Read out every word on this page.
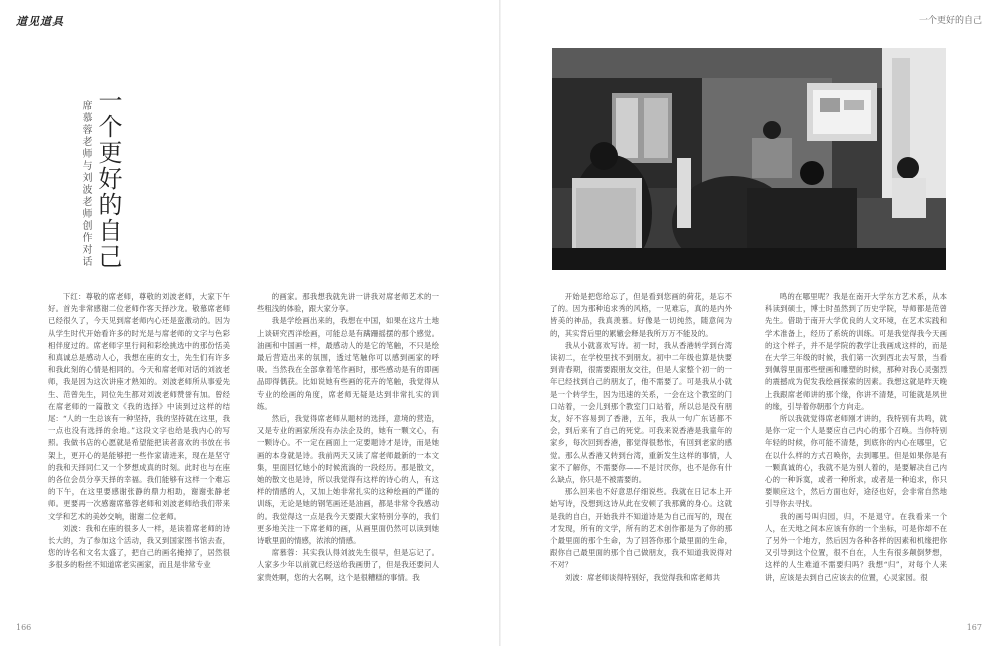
道见道具	一个更好的自己
一个更好的自己
席慕蓉老师与刘波老师创作对话

下红：尊敬的席老师，尊敬的刘波老师，大家下午好。首先非常感谢二位老师作客天择沙龙。敬慕席老师已经很久了，今天见到席老师内心还是蛮激动的。因为从学生时代开始看许多的时光是与席老师的文字与色彩相伴度过的。席老师字里行间和彩绘挑选中的那份恬美和真诚总是感动人心，我想在座的女士，先生们有许多和我此刻的心情是相同的。今天和席老师对话的刘波老师，我是因为这次讲座才熟知的。刘波老师所从事爱先生、范曾先生，同位先生都对刘波老师赞誉有加。曾经在席老师的一篇散文《我的选择》中读到过这样的结尾：“人的一生总该有一种坚持，我的坚持就在这里，我一点也没有选择的余地。”这段文字也给是我内心的写照。我做书店的心愿就是希望能把读者喜欢的书放在书架上，更开心的是能够把一些作家请进来，现在是坚守的我和天择同仁又一个梦想成真的时刻。此时也与在座的各位会员分享天择的幸福。我们能够有这样一个难忘的下午，在这里要感谢张静的鼎力相助，谢谢张静老师。更要再一次感谢席慕蓉老师和刘波老师给我们带来文学和艺术的美妙交响，谢谢二位老师。

刘波：我和在座的很多人一样，是读着席老师的诗长大的，为了参加这个活动，我又到国家图书馆去查，您的诗名和文名太盛了，把自己的画名掩掉了，居然很多很多的粉丝不知道席老实画家，而且是非常专业

的画家。那我想我就先讲一讲我对席老师艺术的一些粗浅的体验，跟大家分享。

我是学绘画出来的，我想在中国，如果在这片土地上谈研究西洋绘画，可能总是有蹒跚摇摆的那个感觉。油画和中国画一样，最感动人的是它的笔触，不只是绘最后营造出来的氛围，透过笔触你可以感到画家的呼吸。当然我在全部拿着笔作画时，那些感动是有的即画品即得偶获。比如说她有些画的花卉的笔触，我觉得从专业的绘画的角度，席老师无疑是达到非常扎实的训练。

然后，我觉得席老师从题材的选择，意境的营造，又是专业的画家所没有办法企及的，她有一颗文心，有一颗诗心。不一定在画面上一定要题诗才是诗，而是她画的本身就是诗。我前两天又读了席老师最新的一本文集，里面回忆她小的时候流淌的一段经历。那是散文，她的散文也是诗，所以我觉得有这样的诗心的人，有这样的情感的人，又加上她非常扎实的这种绘画的严谨的训练，无论是她的钢笔画还是油画，都是非常令我感动的。我觉得这一点是我今天要跟大家特别分享的，我们更多地关注一下席老师的画，从画里面仍然可以读到她诗歌里面的情感，浓浓的情感。

席慕蓉：其实我认得刘波先生很早，但是忘记了。人家多少年以前就已经送给我画册了，但是我还要问人家贵姓啊，您的大名啊，这个是很糟糕的事情。我

开始是把您给忘了，但是看到您画的荷花，是忘不了的。因为那种追求秀的风格，一见难忘，真的是内外皆美的神品，我真羡慕。好像是一切纯然，随意间为的，其实背后里的累辙会释是我所万万不能及的。

我从小就喜欢写诗。初一时，我从香港转学到台湾读初二，在学校里找不到朋友。初中二年级也算是快要到青春期，很需要跟朋友交往，但是人家整个初一的一年已经找到自己的朋友了，他不需要了。可是我从小就是一个转学生，因为迅速的关系，一会在这个教室的门口站着，一会儿到那个教室门口站着，所以总是没有朋友，好不容易到了香港，五年，我从一句广东话都不会，到后来有了自己的死党。可我来说香港是我童年的家乡，每次回到香港，都觉得很愁怅，有回到老家的感觉。那么从香港又转到台湾，重新发生这样的事情，人家不了解你，不需要你——不是讨厌你，也不是你有什么缺点，你只是不被需要的。

那么回来也不好意思仔细说些。我就在日记本上开始写诗，没想到这诗从此在安顿了我那冀的身心。这就是我的自白，开始我并不知道诗是为自己而写的，现在才发现，所有的文学，所有的艺术创作都是为了你的那个最里面的那个生命，为了回答你那个最里面的生命，跟你自己最里面的那个自己做朋友，我不知道我说得对不对？

刘波：席老师谈得特别好，我觉得我和席老师共

鸣的在哪里呢？我是在南开大学东方艺术系，从本科读到硕士，博士时虽然到了历史学院，导师都是范曾先生。借助于南开大学优良的人文环境，在艺术实践和学术准备上，经历了系统的训练。可是我觉得我今天画的这个样子，并不是学院的教学让我画成这样的，而是在大学三年级的时候，我们第一次到西北去写景，当看到佩蓉里面那些壁画和雕塑的时候，那种对我心灵强烈的震撼成为促发我绘画探索的因素。我想这就是昨天晚上我跟席老师讲的那个缘，你讲不清楚，可能就是夙世的缘，引导着你朝那个方向走。

所以我就觉得席老师刚才讲的，我特别有共鸣，就是你一定一个人是要应自己内心的那个召唤。当你特别年轻的时候，你可能不清楚，到底你的内心在哪里，它在以什么样的方式召唤你，去到哪里。但是如果你是有一颗真诚的心，我就不是为别人着的，是要解决自己内心的一种诉寞，或者一种所求，或者是一种追求，你只要顺应这个，然后方面也好，途径也好，会非常自然地引导你去寻找。

我的画号叫归园，归，不是退守。在我看来一个人，在天地之间本应该有你的一个坐标，可是你却不在了另外一个地方，然后因为各种各样的因素和机缘把你又引导到这个位置，很不自在，人生有很多颠倒梦想，这样的人生难道不需要归吗？我想“归”，对每个人来讲，应该是去到自己应该去的位置，心灵家园。很

166	167
